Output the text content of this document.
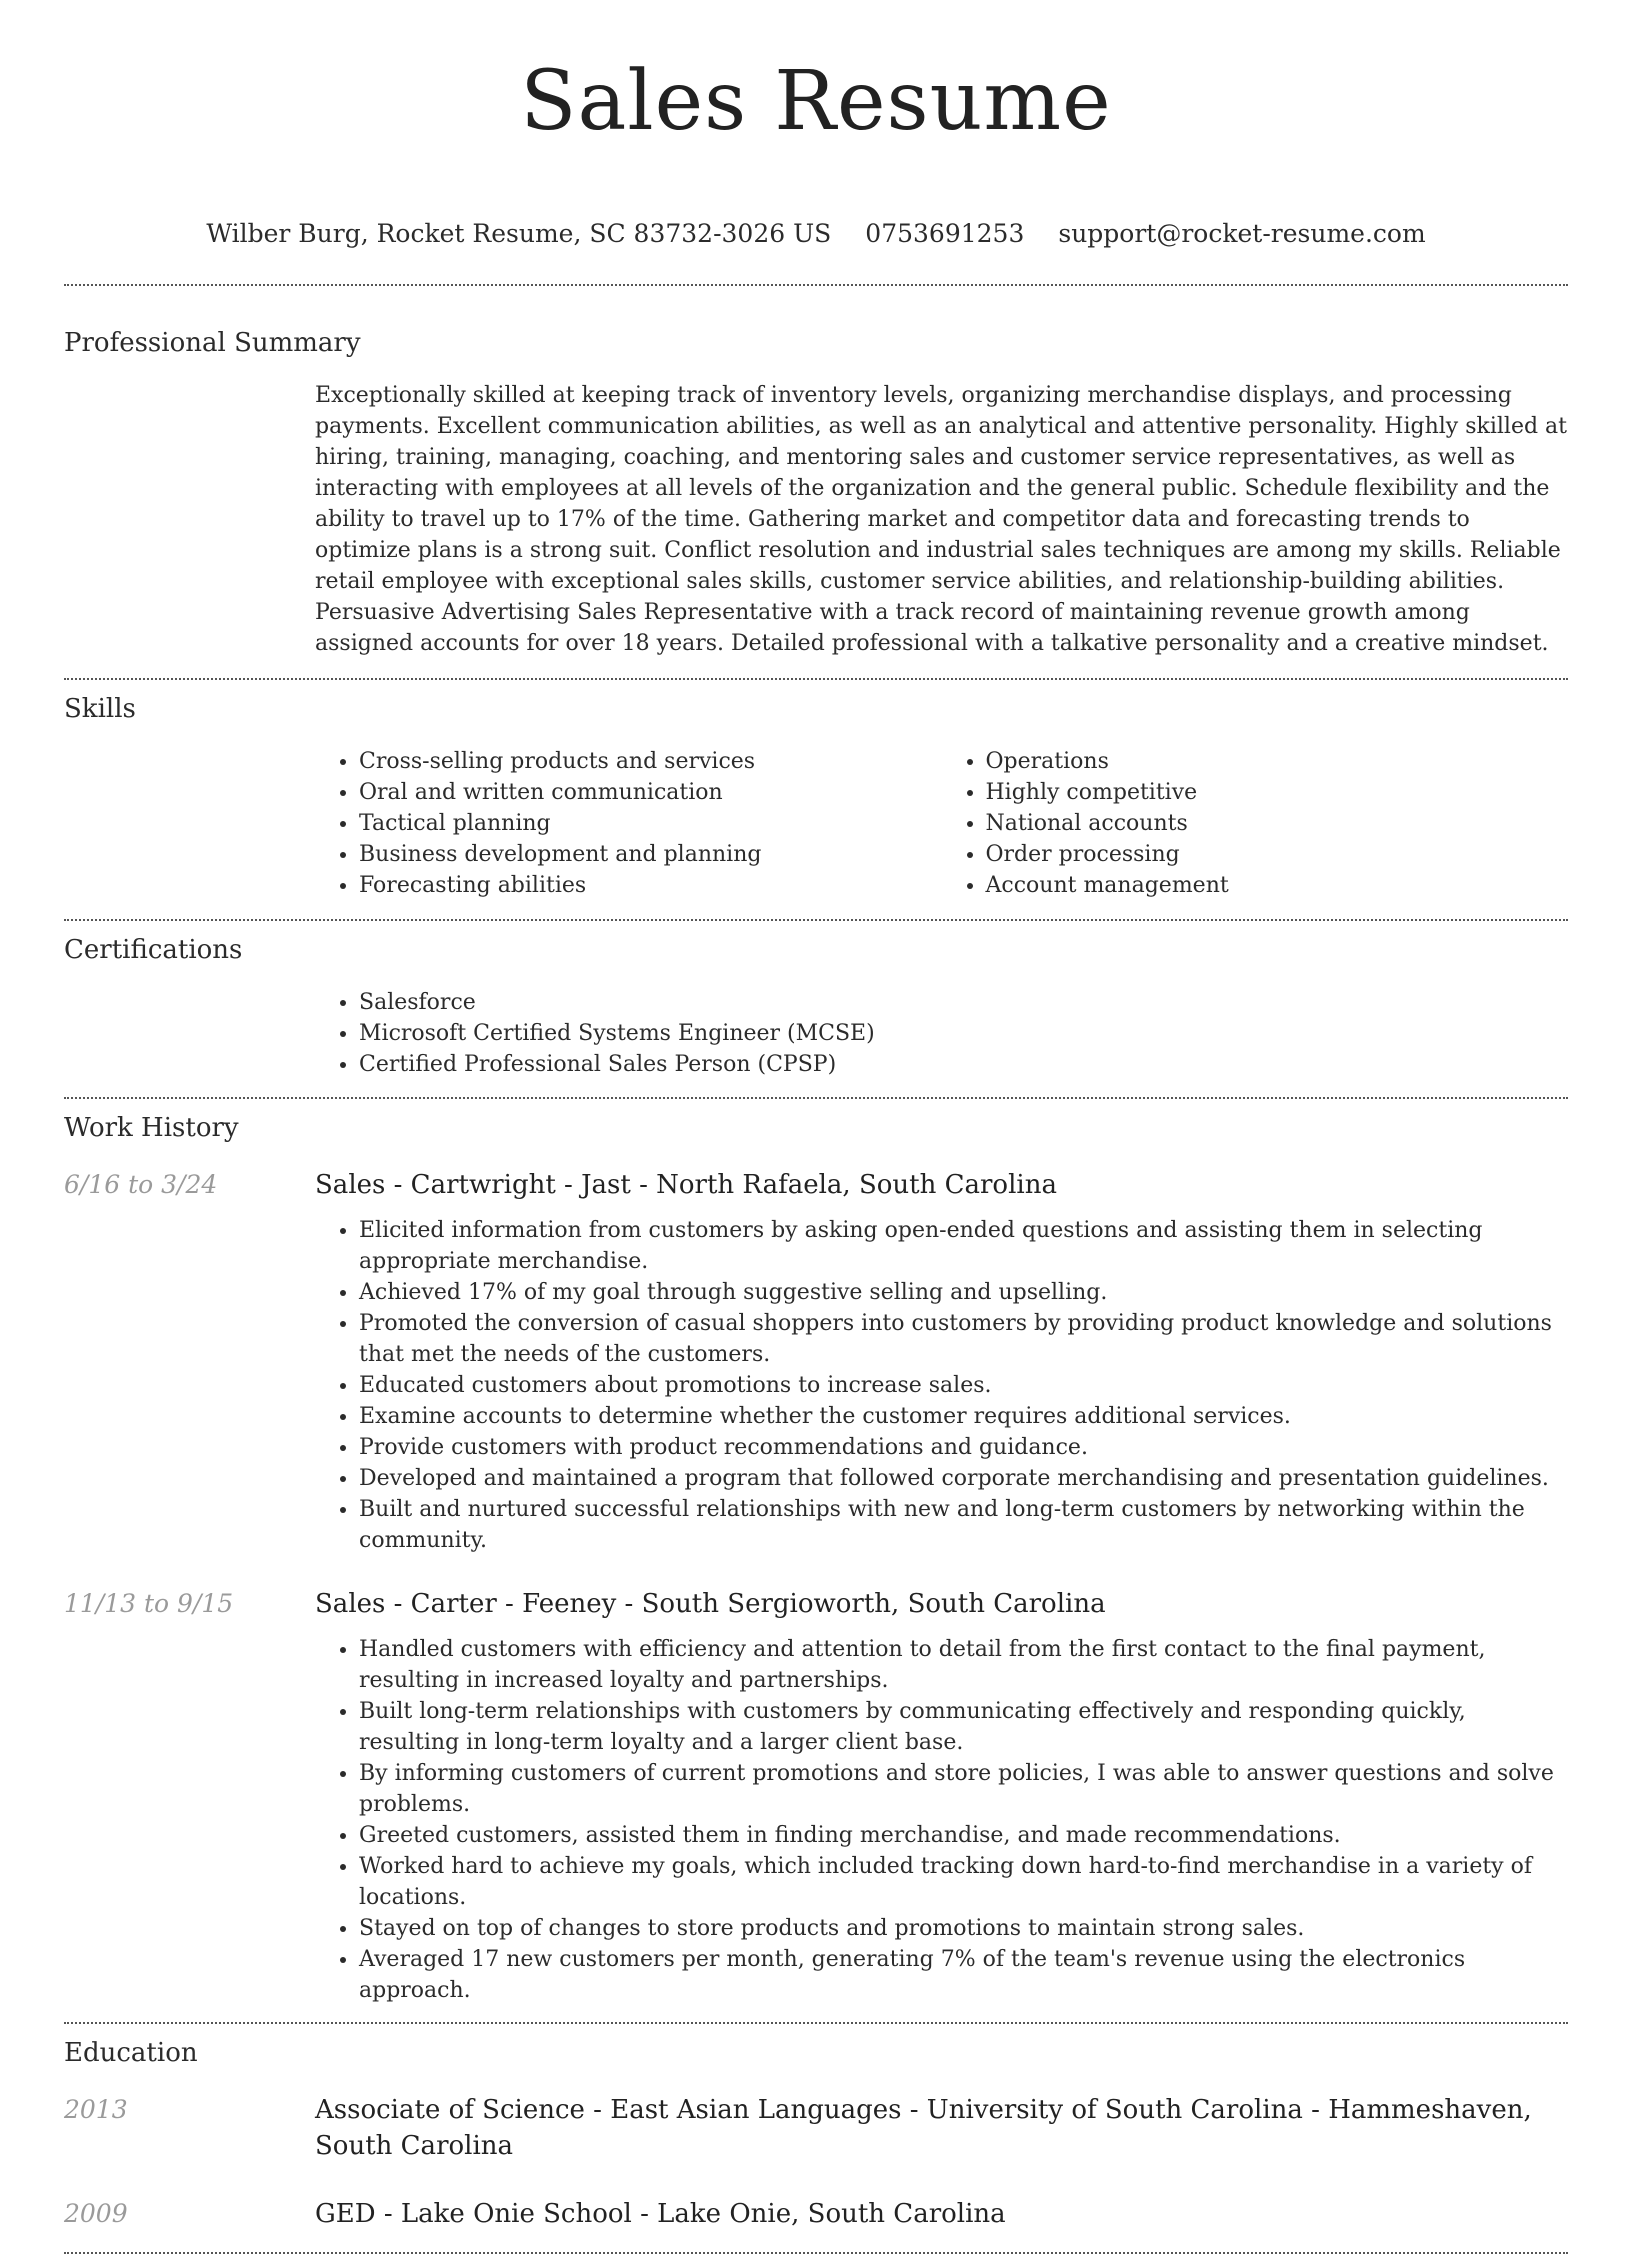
Sales Resume
Wilber Burg, Rocket Resume, SC 83732-3026 US 0753691253 support@rocket-resume.com
Professional Summary

Exceptionally skilled at keeping track of inventory levels, organizing merchandise displays, and processing payments. Excellent communication abilities, as well as an analytical and attentive personality. Highly skilled at hiring, training, managing, coaching, and mentoring sales and customer service representatives, as well as interacting with employees at all levels of the organization and the general public. Schedule flexibility and the ability to travel up to 17% of the time. Gathering market and competitor data and forecasting trends to optimize plans is a strong suit. Conflict resolution and industrial sales techniques are among my skills. Reliable retail employee with exceptional sales skills, customer service abilities, and relationship-building abilities. Persuasive Advertising Sales Representative with a track record of maintaining revenue growth among assigned accounts for over 18 years. Detailed professional with a talkative personality and a creative mindset.

Skills
• Cross-selling products and services
• Oral and written communication
• Tactical planning
• Business development and planning
• Forecasting abilities
• Operations
• Highly competitive
• National accounts
• Order processing
• Account management
Certifications
• Salesforce
• Microsoft Certified Systems Engineer (MCSE)
• Certified Professional Sales Person (CPSP)
Work History
6/16 to 3/24	Sales - Cartwright - Jast - North Rafaela, South Carolina
• Elicited information from customers by asking open-ended questions and assisting them in selecting appropriate merchandise.
• Achieved 17% of my goal through suggestive selling and upselling.
• Promoted the conversion of casual shoppers into customers by providing product knowledge and solutions that met the needs of the customers.
• Educated customers about promotions to increase sales.
• Examine accounts to determine whether the customer requires additional services.
• Provide customers with product recommendations and guidance.
• Developed and maintained a program that followed corporate merchandising and presentation guidelines.
• Built and nurtured successful relationships with new and long-term customers by networking within the community.
11/13 to 9/15	Sales - Carter - Feeney - South Sergioworth, South Carolina
• Handled customers with efficiency and attention to detail from the first contact to the final payment, resulting in increased loyalty and partnerships.
• Built long-term relationships with customers by communicating effectively and responding quickly, resulting in long-term loyalty and a larger client base.
• By informing customers of current promotions and store policies, I was able to answer questions and solve problems.
• Greeted customers, assisted them in finding merchandise, and made recommendations.
• Worked hard to achieve my goals, which included tracking down hard-to-find merchandise in a variety of locations.
• Stayed on top of changes to store products and promotions to maintain strong sales.
• Averaged 17 new customers per month, generating 7% of the team's revenue using the electronics approach.
Education
2013	Associate of Science - East Asian Languages - University of South Carolina - Hammeshaven, South Carolina
2009	GED - Lake Onie School - Lake Onie, South Carolina
